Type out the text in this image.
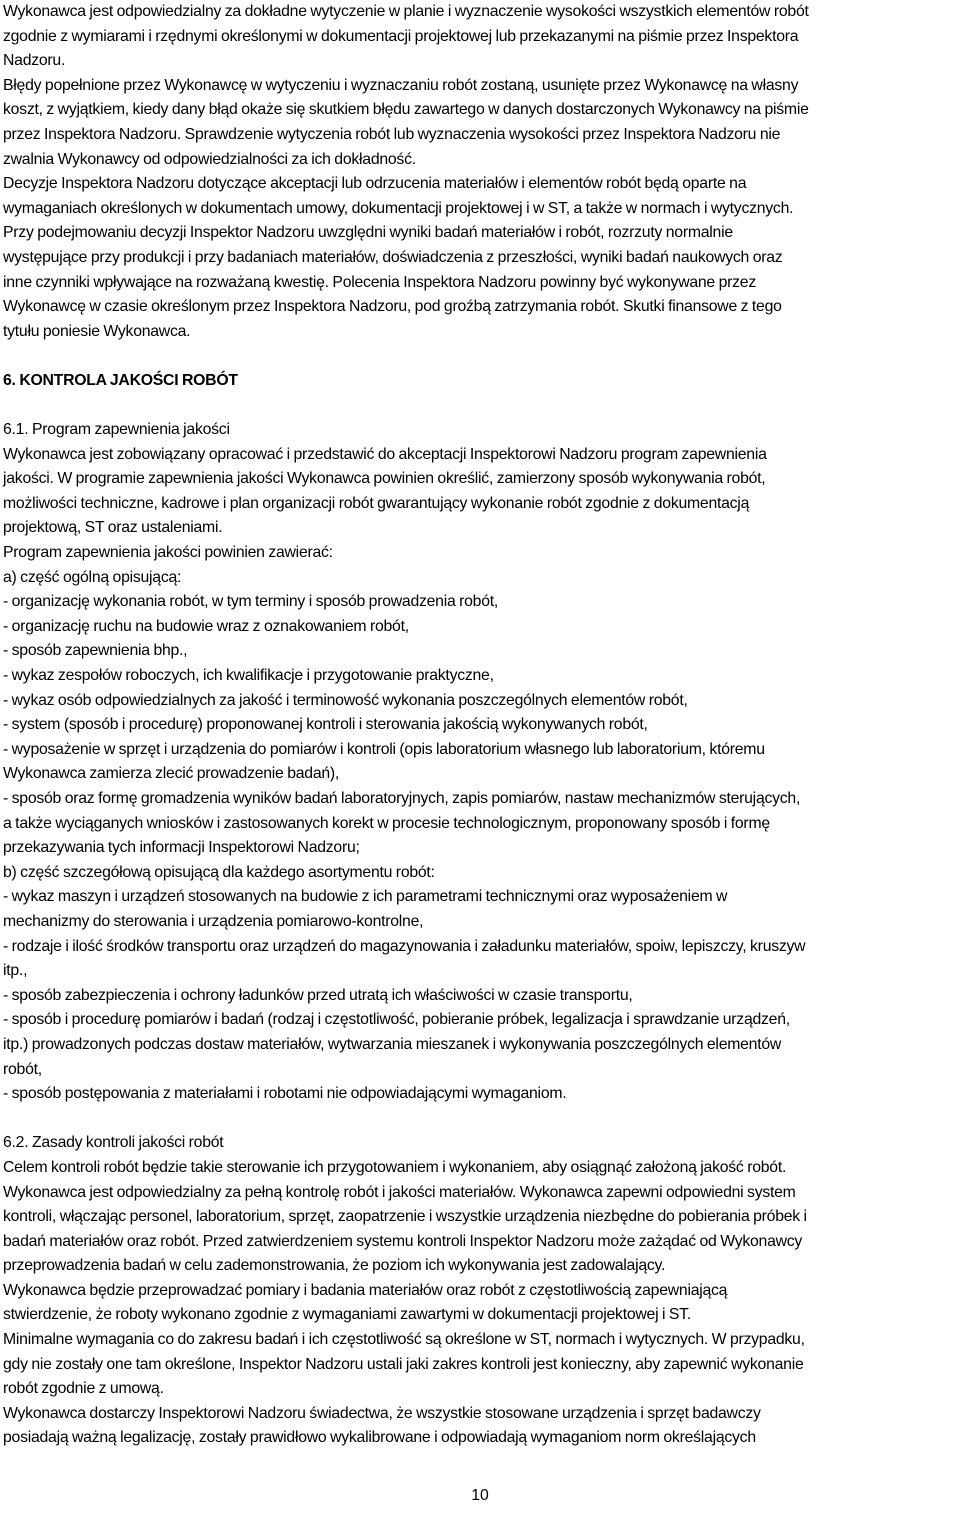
Wykonawca jest odpowiedzialny za dokładne wytyczenie w planie i wyznaczenie wysokości wszystkich elementów robót
zgodnie z wymiarami i rzędnymi określonymi w dokumentacji projektowej lub przekazanymi na piśmie przez Inspektora
Nadzoru.
Błędy popełnione przez Wykonawcę w wytyczeniu i wyznaczaniu robót zostaną, usunięte przez Wykonawcę na własny
koszt, z wyjątkiem, kiedy dany błąd okaże się skutkiem błędu zawartego w danych dostarczonych Wykonawcy na piśmie
przez Inspektora Nadzoru. Sprawdzenie wytyczenia robót lub wyznaczenia wysokości przez Inspektora Nadzoru nie
zwalnia Wykonawcy od odpowiedzialności za ich dokładność.
Decyzje Inspektora Nadzoru dotyczące akceptacji lub odrzucenia materiałów i elementów robót będą oparte na
wymaganiach określonych w dokumentach umowy, dokumentacji projektowej i w ST, a także w normach i wytycznych.
Przy podejmowaniu decyzji Inspektor Nadzoru uwzględni wyniki badań materiałów i robót, rozrzuty normalnie
występujące przy produkcji i przy badaniach materiałów, doświadczenia z przeszłości, wyniki badań naukowych oraz
inne czynniki wpływające na rozważaną kwestię. Polecenia Inspektora Nadzoru powinny być wykonywane przez
Wykonawcę w czasie określonym przez Inspektora Nadzoru, pod groźbą zatrzymania robót. Skutki finansowe z tego
tytułu poniesie Wykonawca.
6. KONTROLA JAKOŚCI ROBÓT
6.1. Program zapewnienia jakości
Wykonawca jest zobowiązany opracować i przedstawić do akceptacji Inspektorowi Nadzoru program zapewnienia
jakości. W programie zapewnienia jakości Wykonawca powinien określić, zamierzony sposób wykonywania robót,
możliwości techniczne, kadrowe i plan organizacji robót gwarantujący wykonanie robót zgodnie z dokumentacją
projektową, ST oraz ustaleniami.
Program zapewnienia jakości powinien zawierać:
a) część ogólną opisującą:
- organizację wykonania robót, w tym terminy i sposób prowadzenia robót,
- organizację ruchu na budowie wraz z oznakowaniem robót,
- sposób zapewnienia bhp.,
- wykaz zespołów roboczych, ich kwalifikacje i przygotowanie praktyczne,
- wykaz osób odpowiedzialnych za jakość i terminowość wykonania poszczególnych elementów robót,
- system (sposób i procedurę) proponowanej kontroli i sterowania jakością wykonywanych robót,
- wyposażenie w sprzęt i urządzenia do pomiarów i kontroli (opis laboratorium własnego lub laboratorium, któremu
Wykonawca zamierza zlecić prowadzenie badań),
- sposób oraz formę gromadzenia wyników badań laboratoryjnych, zapis pomiarów, nastaw mechanizmów sterujących,
a także wyciąganych wniosków i zastosowanych korekt w procesie technologicznym, proponowany sposób i formę
przekazywania tych informacji Inspektorowi Nadzoru;
b) część szczegółową opisującą dla każdego asortymentu robót:
- wykaz maszyn i urządzeń stosowanych na budowie z ich parametrami technicznymi oraz wyposażeniem w
mechanizmy do sterowania i urządzenia pomiarowo-kontrolne,
- rodzaje i ilość środków transportu oraz urządzeń do magazynowania i załadunku materiałów, spoiw, lepiszczy, kruszyw
itp.,
- sposób zabezpieczenia i ochrony ładunków przed utratą ich właściwości w czasie transportu,
- sposób i procedurę pomiarów i badań (rodzaj i częstotliwość, pobieranie próbek, legalizacja i sprawdzanie urządzeń,
itp.) prowadzonych podczas dostaw materiałów, wytwarzania mieszanek i wykonywania poszczególnych elementów
robót,
- sposób postępowania z materiałami i robotami nie odpowiadającymi wymaganiom.
6.2. Zasady kontroli jakości robót
Celem kontroli robót będzie takie sterowanie ich przygotowaniem i wykonaniem, aby osiągnąć założoną jakość robót.
Wykonawca jest odpowiedzialny za pełną kontrolę robót i jakości materiałów. Wykonawca zapewni odpowiedni system
kontroli, włączając personel, laboratorium, sprzęt, zaopatrzenie i wszystkie urządzenia niezbędne do pobierania próbek i
badań materiałów oraz robót. Przed zatwierdzeniem systemu kontroli Inspektor Nadzoru może zażądać od Wykonawcy
przeprowadzenia badań w celu zademonstrowania, że poziom ich wykonywania jest zadowalający.
Wykonawca będzie przeprowadzać pomiary i badania materiałów oraz robót z częstotliwością zapewniającą
stwierdzenie, że roboty wykonano zgodnie z wymaganiami zawartymi w dokumentacji projektowej i ST.
Minimalne wymagania co do zakresu badań i ich częstotliwość są określone w ST, normach i wytycznych. W przypadku,
gdy nie zostały one tam określone, Inspektor Nadzoru ustali jaki zakres kontroli jest konieczny, aby zapewnić wykonanie
robót zgodnie z umową.
Wykonawca dostarczy Inspektorowi Nadzoru świadectwa, że wszystkie stosowane urządzenia i sprzęt badawczy
posiadają ważną legalizację, zostały prawidłowo wykalibrowane i odpowiadają wymaganiom norm określających
10
